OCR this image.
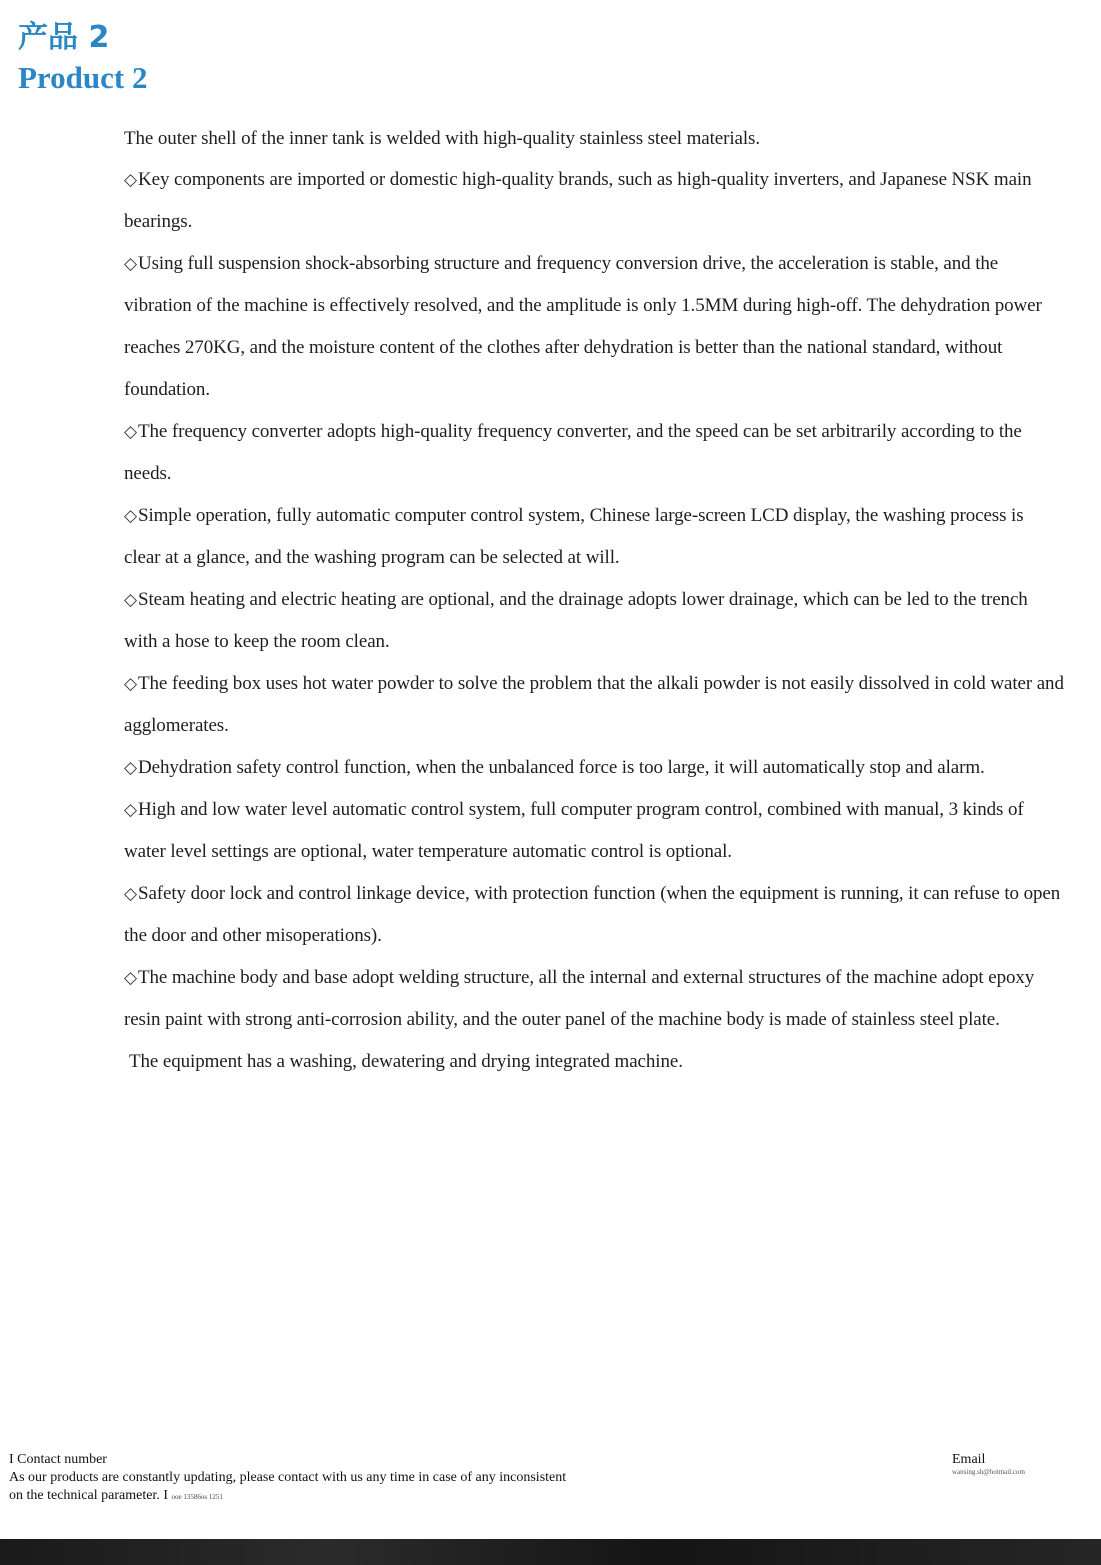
产品 2
Product 2

The outer shell of the inner tank is welded with high-quality stainless steel materials.

◇Key components are imported or domestic high-quality brands, such as high-quality inverters, and Japanese NSK main bearings.

◇Using full suspension shock-absorbing structure and frequency conversion drive, the acceleration is stable, and the vibration of the machine is effectively resolved, and the amplitude is only 1.5MM during high-off. The dehydration power reaches 270KG, and the moisture content of the clothes after dehydration is better than the national standard, without foundation.

◇The frequency converter adopts high-quality frequency converter, and the speed can be set arbitrarily according to the needs.

◇Simple operation, fully automatic computer control system, Chinese large-screen LCD display, the washing process is clear at a glance, and the washing program can be selected at will.

◇Steam heating and electric heating are optional, and the drainage adopts lower drainage, which can be led to the trench with a hose to keep the room clean.

◇The feeding box uses hot water powder to solve the problem that the alkali powder is not easily dissolved in cold water and agglomerates.

◇Dehydration safety control function, when the unbalanced force is too large, it will automatically stop and alarm.

◇High and low water level automatic control system, full computer program control, combined with manual, 3 kinds of water level settings are optional, water temperature automatic control is optional.

◇Safety door lock and control linkage device, with protection function (when the equipment is running, it can refuse to open the door and other misoperations).

◇The machine body and base adopt welding structure, all the internal and external structures of the machine adopt epoxy resin paint with strong anti-corrosion ability, and the outer panel of the machine body is made of stainless steel plate.

The equipment has a washing, dewatering and drying integrated machine.

I Contact number
As our products are constantly updating, please contact with us any time in case of any inconsistent
on the technical parameter. I ooe 13586os 1251
Email
wansing.sh@hotmail.com
